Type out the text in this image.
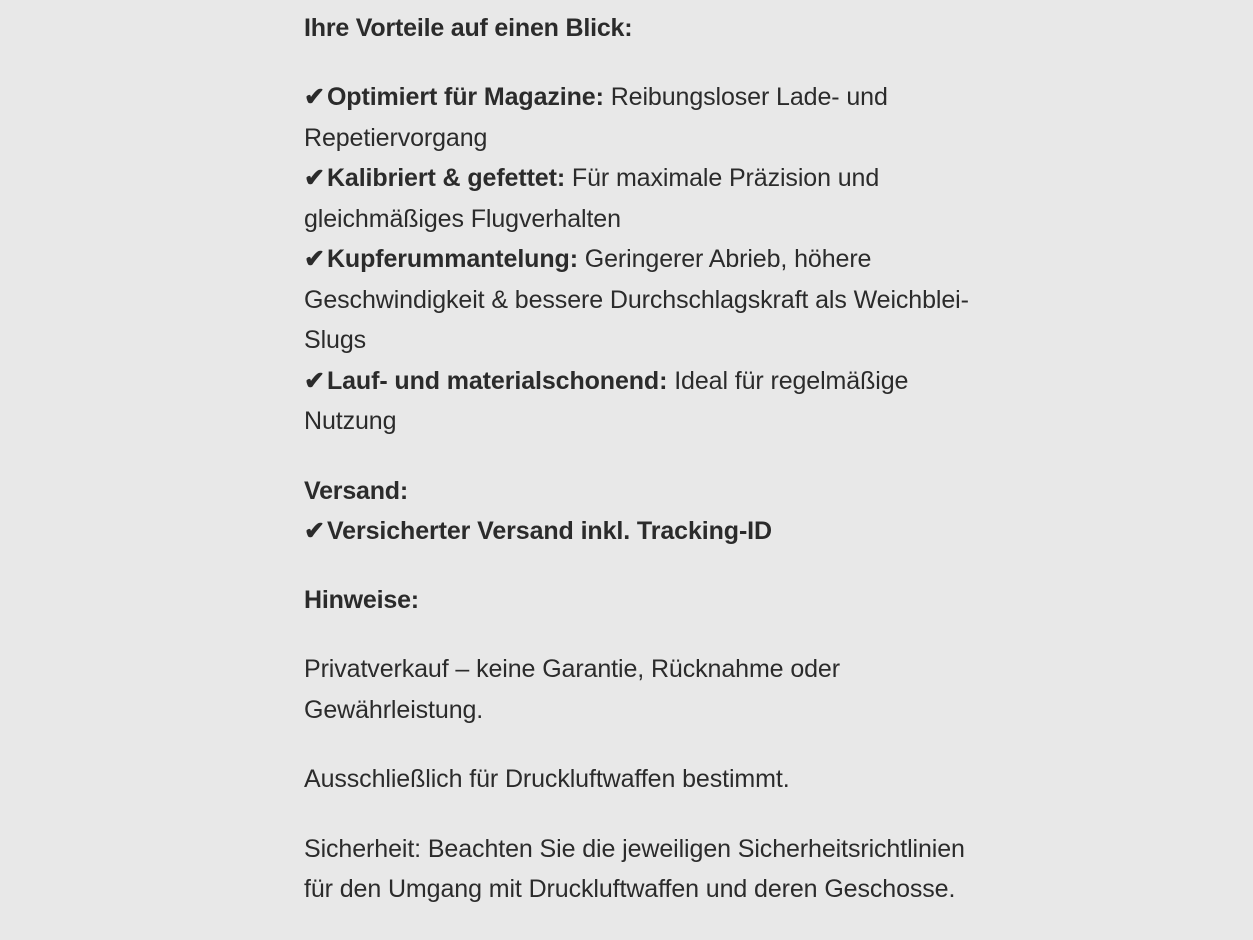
Ihre Vorteile auf einen Blick:
✔Optimiert für Magazine: Reibungsloser Lade- und Repetiervorgang
✔Kalibriert & gefettet: Für maximale Präzision und gleichmäßiges Flugverhalten
✔Kupferummantelung: Geringerer Abrieb, höhere Geschwindigkeit & bessere Durchschlagskraft als Weichblei-Slugs
✔Lauf- und materialschonend: Ideal für regelmäßige Nutzung
Versand:
✔Versicherter Versand inkl. Tracking-ID
Hinweise:

Privatverkauf – keine Garantie, Rücknahme oder Gewährleistung.

Ausschließlich für Druckluftwaffen bestimmt.

Sicherheit: Beachten Sie die jeweiligen Sicherheitsrichtlinien für den Umgang mit Druckluftwaffen und deren Geschosse.
